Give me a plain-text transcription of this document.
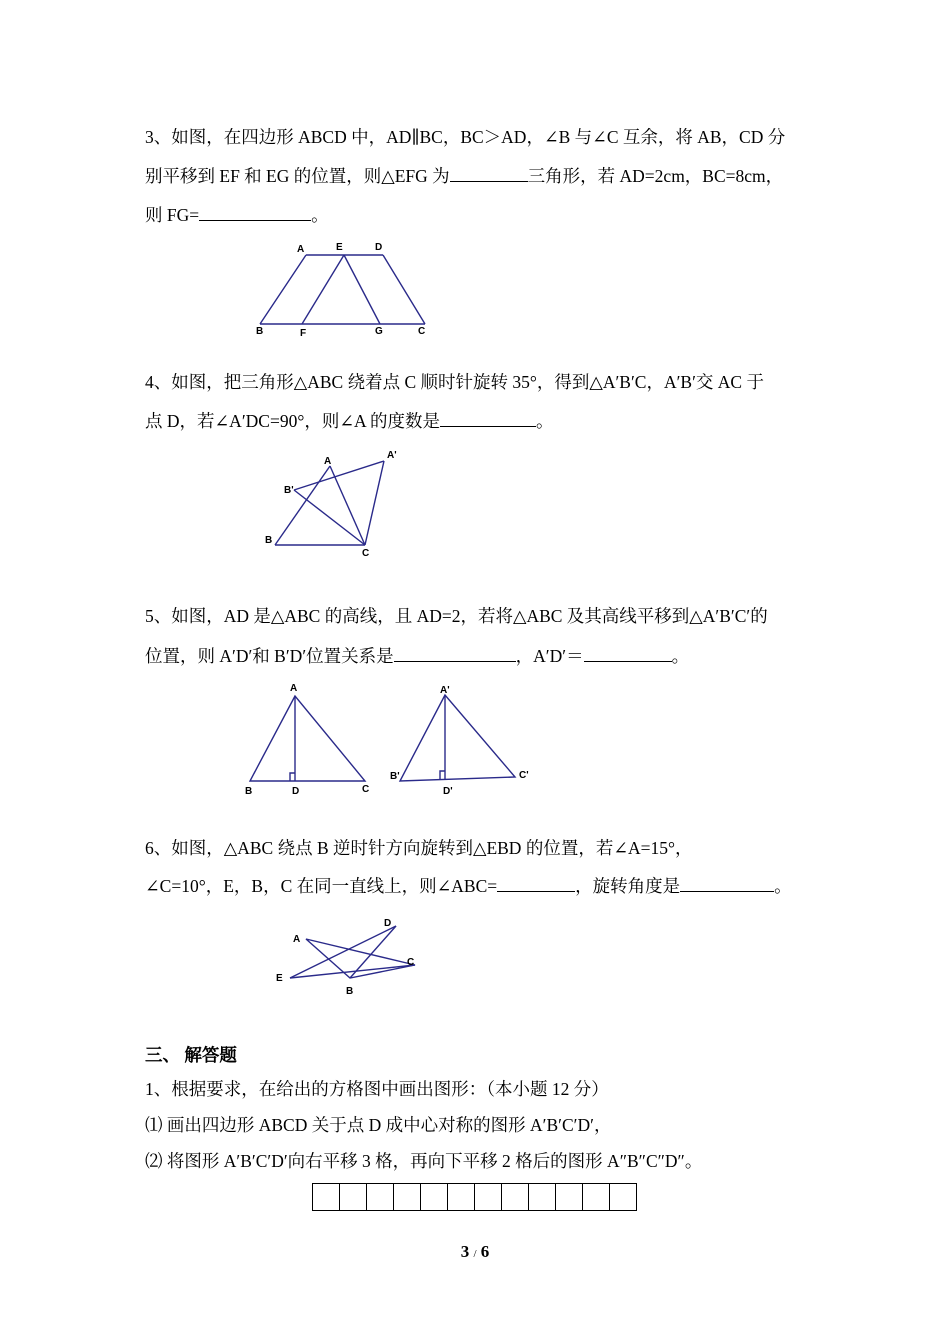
3、如图，在四边形 ABCD 中，AD∥BC，BC＞AD，∠B 与∠C 互余，将 AB，CD 分
别平移到 EF 和 EG 的位置，则△EFG 为	三角形，若 AD=2cm，BC=8cm，
则 FG=	。
A	E	D
B	F	G	C
4、如图，把三角形△ABC 绕着点 C 顺时针旋转 35°，得到△A′B′C，A′B′交 AC 于
点 D，若∠A′DC=90°，则∠A 的度数是	。
A
A'
B'
B
C
5、如图，AD 是△ABC 的高线，且 AD=2，若将△ABC 及其高线平移到△A′B′C′的
位置，则 A′D′和 B′D′位置关系是	，A′D′＝	。
A
B	D	C
A'
B'
D'
C'
6、如图，△ABC 绕点 B 逆时针方向旋转到△EBD 的位置，若∠A=15°，
∠C=10°，E，B，C 在同一直线上，则∠ABC=	，旋转角度是	。
D
A
C
E
B
三、 解答题
1、根据要求，在给出的方格图中画出图形：（本小题 12 分）
⑴ 画出四边形 ABCD 关于点 D 成中心对称的图形 A′B′C′D′，
⑵ 将图形 A′B′C′D′向右平移 3 格，再向下平移 2 格后的图形 A″B″C″D″。
3 / 6
